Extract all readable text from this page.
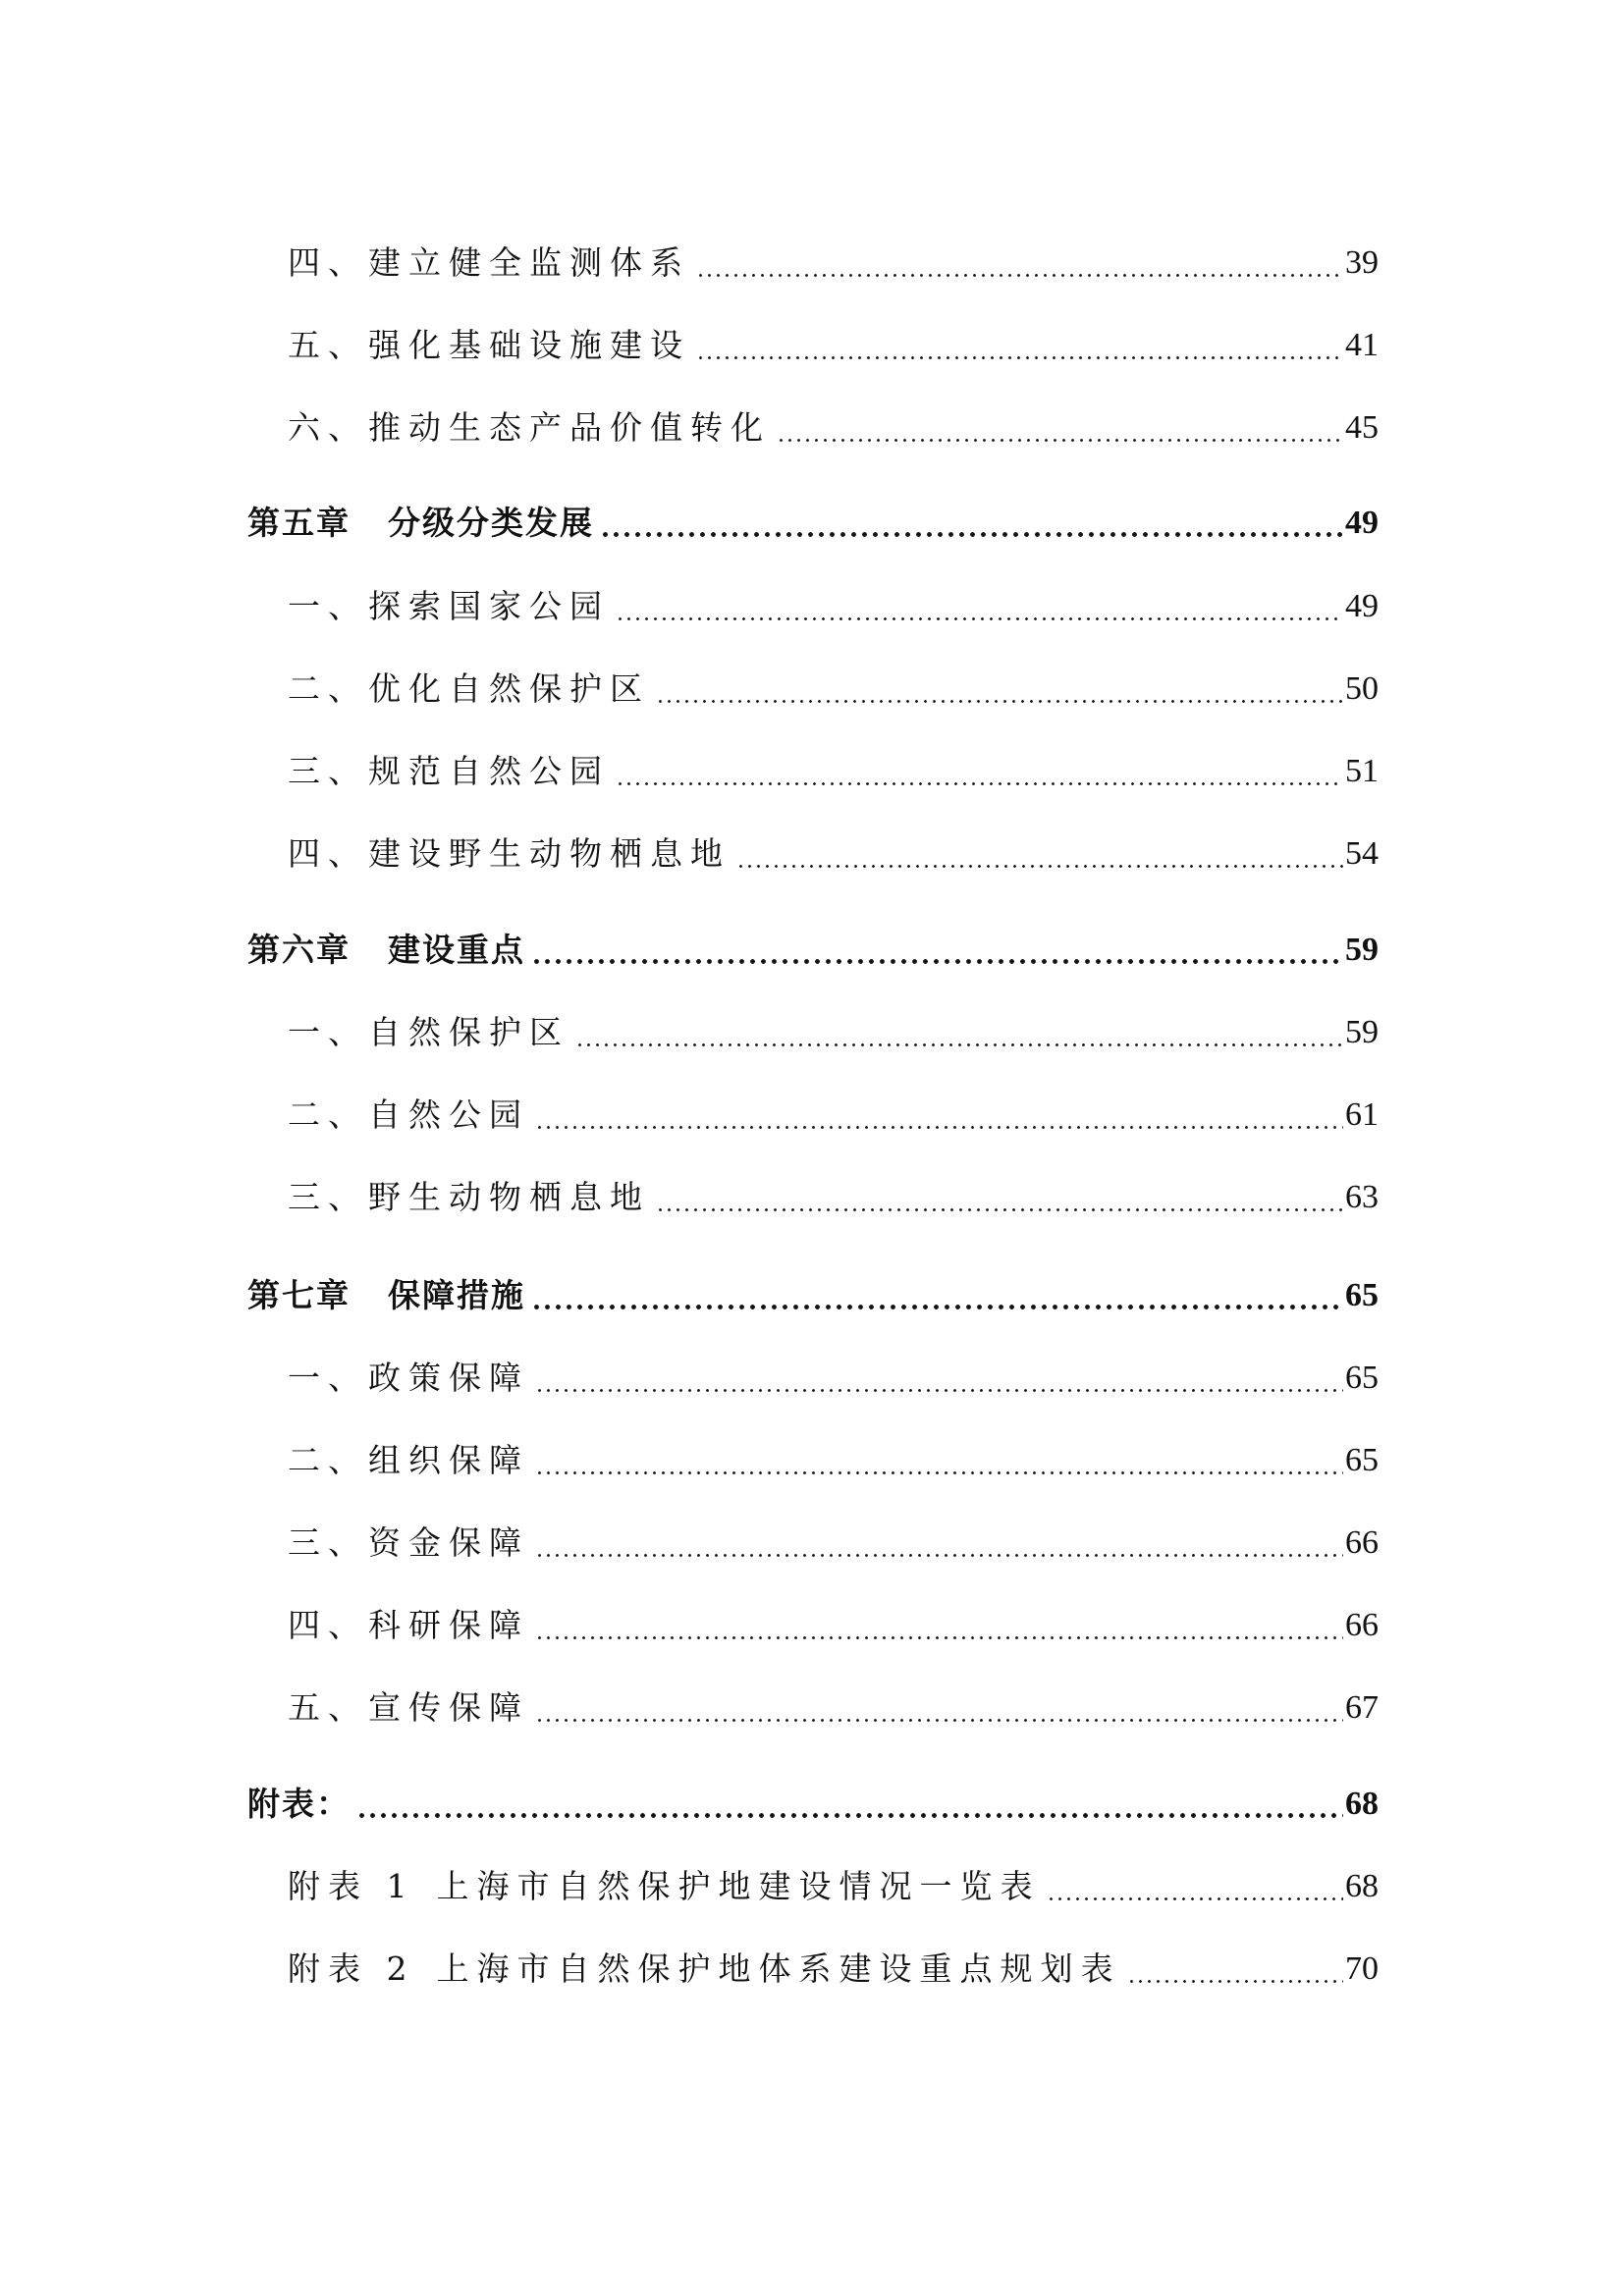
四、建立健全监测体系	39
五、强化基础设施建设	41
六、推动生态产品价值转化	45
第五章 分级分类发展	49
一、探索国家公园	49
二、优化自然保护区	50
三、规范自然公园	51
四、建设野生动物栖息地	54
第六章 建设重点	59
一、自然保护区	59
二、自然公园	61
三、野生动物栖息地	63
第七章 保障措施	65
一、政策保障	65
二、组织保障	65
三、资金保障	66
四、科研保障	66
五、宣传保障	67
附表：	68
附表 1 上海市自然保护地建设情况一览表	68
附表 2 上海市自然保护地体系建设重点规划表	70
